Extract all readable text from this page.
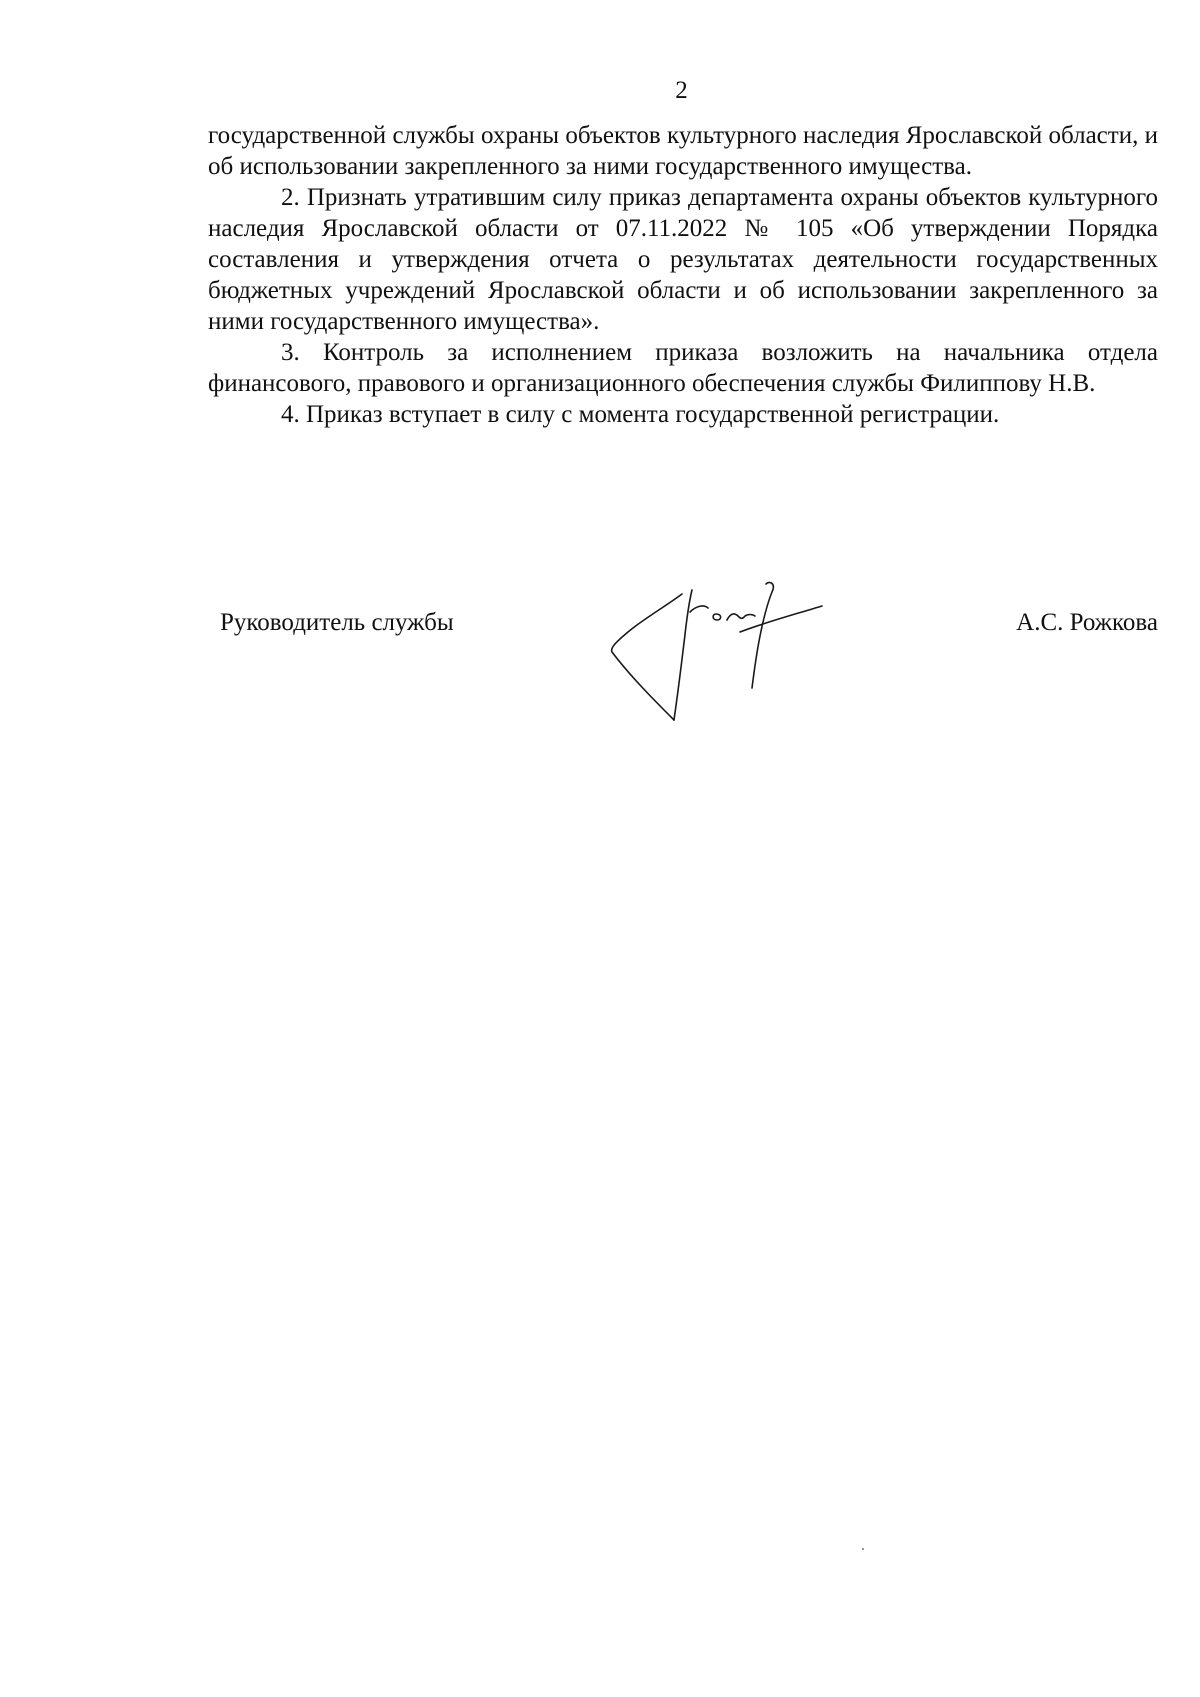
2

государственной службы охраны объектов культурного наследия Ярославской области, и об использовании закрепленного за ними государственного имущества.

2. Признать утратившим силу приказ департамента охраны объектов культурного наследия Ярославской области от 07.11.2022 № 105 «Об утверждении Порядка составления и утверждения отчета о результатах деятельности государственных бюджетных учреждений Ярославской области и об использовании закрепленного за ними государственного имущества».

3. Контроль за исполнением приказа возложить на начальника отдела финансового, правового и организационного обеспечения службы Филиппову Н.В.

4. Приказ вступает в силу с момента государственной регистрации.

Руководитель службы	А.С. Рожкова
